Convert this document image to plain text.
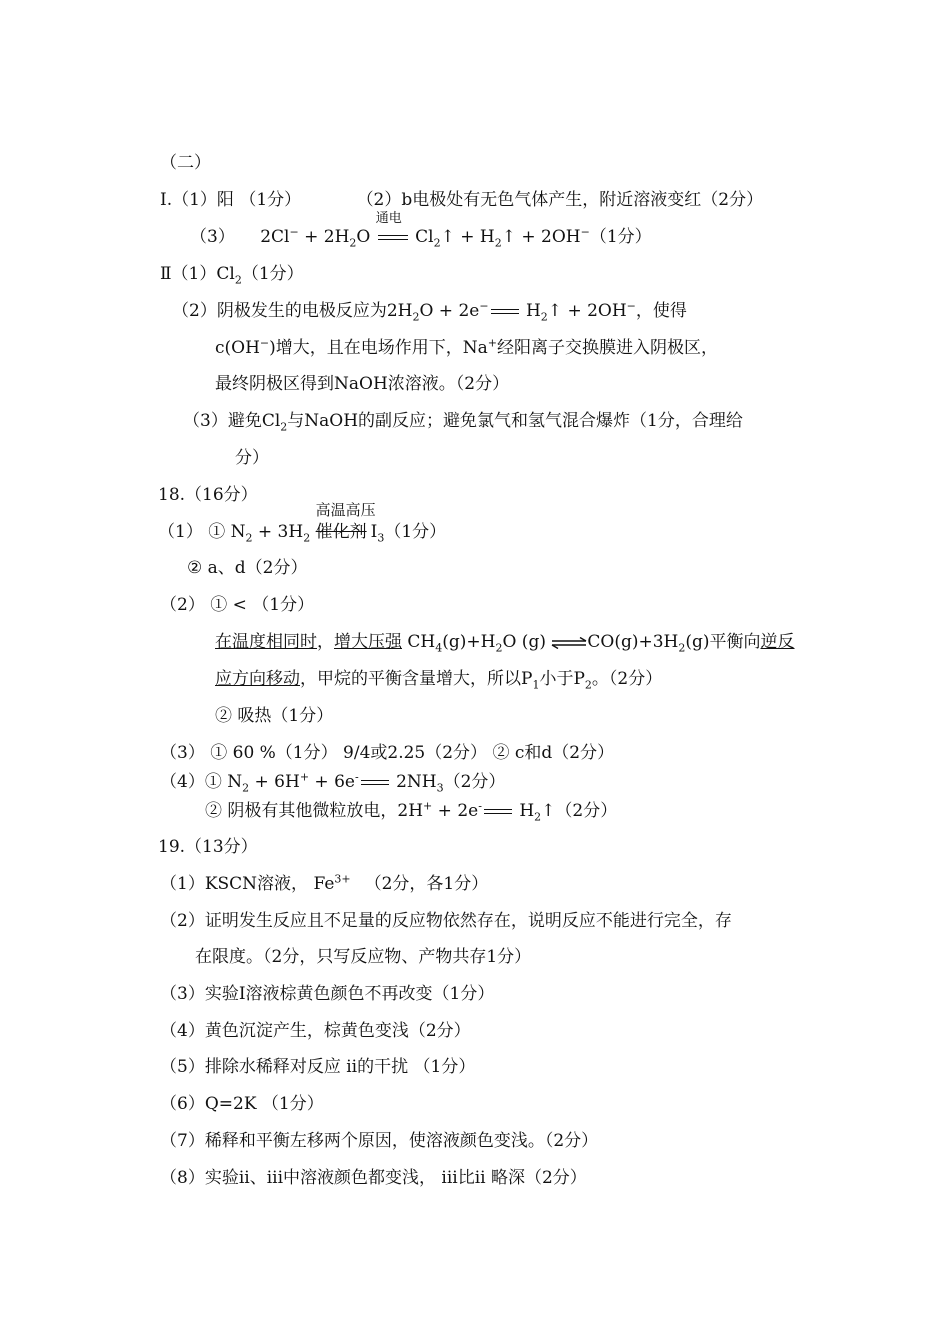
（二）
Ⅰ.（1）阳 （1分）	（2）b电极处有无色气体产生，附近溶液变红（2分）
（3） $2Cl^- + 2H_2O$
通电
$Cl_2↑$ + $H_2↑ + 2OH^-(1$分）
$Ⅱ(1)Cl_2(1$分）
（2）阴极发生的电极反应为$2H_2O + 2e^-$ $H_2↑ + 2OH^-$，使得
c(OH−)增大，且在电场作用下，Na+经阳离子交换膜进入阴极区，
最终阴极区得到NaOH浓溶液。（2分）
（3）避免$Cl_2$与NaOH的副反应；避免氯气和氢气混合爆炸（1分，合理给
分）
18.（16分）
（1） ① $N_2 + 3H_2$
高温高压
催化剂 $I_3(1$分）
② a、d（2分）
（2） ① < （1分）
在温度相同时，增大压强 $CH_4(g)+H_2O$ (g) $\rightleftharpoons CO(g)+3H_2(g)$平衡向逆反
应方向移动，甲烷的平衡含量增大，所以$P_1$小于$P_2$。（2分）
② 吸热（1分）
（3） ① 60 %（1分） 9/4或2.25（2分） ② c和d（2分）
（4）① $N_2 + 6H^+ + 6e^-$ $2NH_3(2$分）
② 阴极有其他微粒放电，2H+ + 2e- $H_2↑(2$分）
19.（13分）
（1）KSCN溶液， $Fe^{3+}$ （2分，各1分）
（2）证明发生反应且不足量的反应物依然存在，说明反应不能进行完全，存
在限度。（2分，只写反应物、产物共存1分）
（3）实验Ⅰ溶液棕黄色颜色不再改变（1分）
（4）黄色沉淀产生，棕黄色变浅（2分）
（5）排除水稀释对反应 ii的干扰 （1分）
（6）Q=2K （1分）
（7）稀释和平衡左移两个原因，使溶液颜色变浅。（2分）
（8）实验ii、iii中溶液颜色都变浅， iii比ii 略深（2分）
